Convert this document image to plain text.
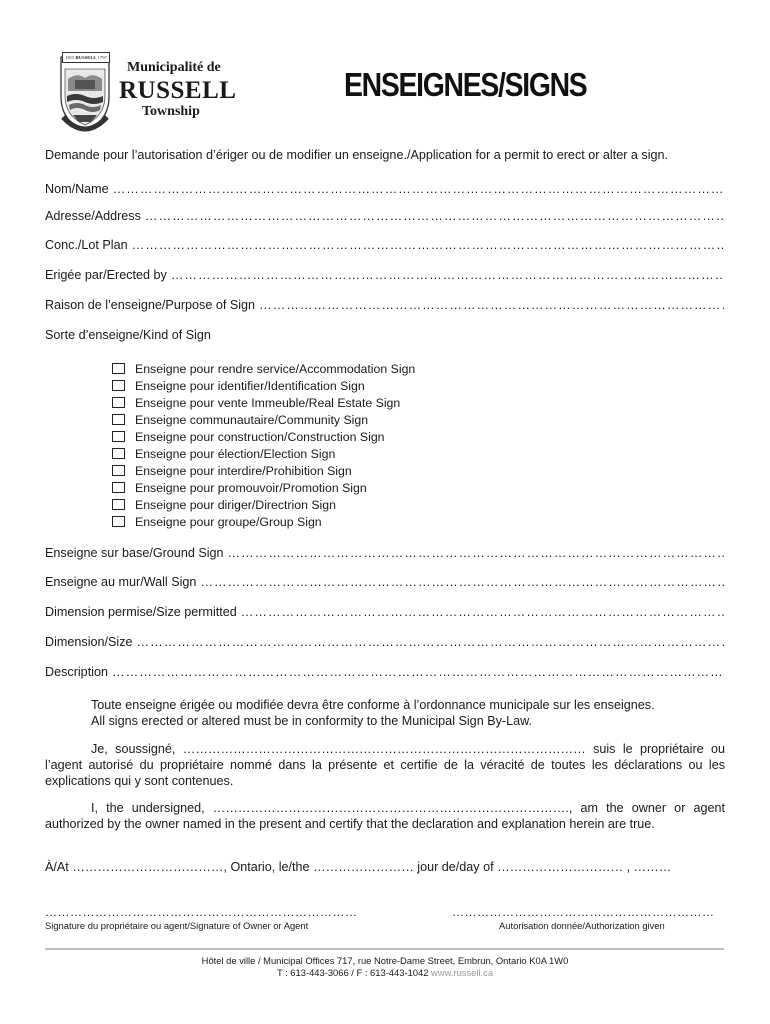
1815 RUSSELL 1797
Municipalité de
RUSSELL
Township
ENSEIGNES/SIGNS
Demande pour l’autorisation d’ériger ou de modifier un enseigne./Application for a permit to erect or alter a sign.
Nom/Name
……………………………………………………………………………………………………………………………………………………………………………………………………………………
Adresse/Address
……………………………………………………………………………………………………………………………………………………………………………………………………………………
Conc./Lot Plan
……………………………………………………………………………………………………………………………………………………………………………………………………………………
Erigée par/Erected by
……………………………………………………………………………………………………………………………………………………………………………………………………………………
Raison de l’enseigne/Purpose of Sign
……………………………………………………………………………………………………………………………………………………………………………………………………………………
Sorte d’enseigne/Kind of Sign
Enseigne pour rendre service/Accommodation Sign
Enseigne pour identifier/Identification Sign
Enseigne pour vente Immeuble/Real Estate Sign
Enseigne communautaire/Community Sign
Enseigne pour construction/Construction Sign
Enseigne pour élection/Election Sign
Enseigne pour interdire/Prohibition Sign
Enseigne pour promouvoir/Promotion Sign
Enseigne pour diriger/Directrion Sign
Enseigne pour groupe/Group Sign
Enseigne sur base/Ground Sign
……………………………………………………………………………………………………………………………………………………………………………………………………………………
Enseigne au mur/Wall Sign
……………………………………………………………………………………………………………………………………………………………………………………………………………………
Dimension permise/Size permitted
……………………………………………………………………………………………………………………………………………………………………………………………………………………
Dimension/Size
……………………………………………………………………………………………………………………………………………………………………………………………………………………
Description
……………………………………………………………………………………………………………………………………………………………………………………………………………………
Toute enseigne érigée ou modifiée devra être conforme à l’ordonnance municipale sur les enseignes.
All signs erected or altered must be in conformity to the Municipal Sign By-Law.
Je, soussigné, …………………………………………………………………………………… suis le propriétaire ou l’agent autorisé du propriétaire nommé dans la présente et certifie de la véracité de toutes les déclarations ou les explications qui y sont contenues.
I, the undersigned, …………………………………………………………………………., am the owner or agent authorized by the owner named in the present and certify that the declaration and explanation herein are true.
À/At ………………………………, Ontario, le/the …………………… jour de/day of ………………………… , ………
…………………………………………………………………
Signature du propriétaire ou agent/Signature of Owner or Agent
………………………………………………………
Autorisation donnée/Authorization given
Hôtel de ville / Municipal Offices 717, rue Notre-Dame Street, Embrun, Ontario K0A 1W0
T : 613-443-3066 / F : 613-443-1042 www.russell.ca
